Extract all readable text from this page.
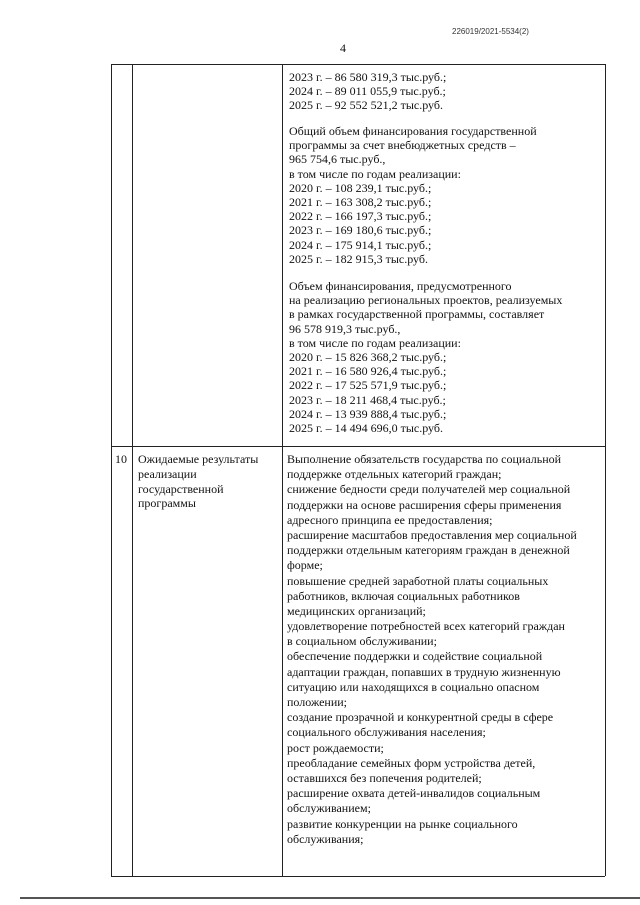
226019/2021-5534(2)
4
2023 г. – 86 580 319,3 тыс.руб.;
2024 г. – 89 011 055,9 тыс.руб.;
2025 г. – 92 552 521,2 тыс.руб.
Общий объем финансирования государственной
программы за счет внебюджетных средств –
965 754,6 тыс.руб.,
в том числе по годам реализации:
2020 г. – 108 239,1 тыс.руб.;
2021 г. – 163 308,2 тыс.руб.;
2022 г. – 166 197,3 тыс.руб.;
2023 г. – 169 180,6 тыс.руб.;
2024 г. – 175 914,1 тыс.руб.;
2025 г. – 182 915,3 тыс.руб.
Объем финансирования, предусмотренного
на реализацию региональных проектов, реализуемых
в рамках государственной программы, составляет
96 578 919,3 тыс.руб.,
в том числе по годам реализации:
2020 г. – 15 826 368,2 тыс.руб.;
2021 г. – 16 580 926,4 тыс.руб.;
2022 г. – 17 525 571,9 тыс.руб.;
2023 г. – 18 211 468,4 тыс.руб.;
2024 г. – 13 939 888,4 тыс.руб.;
2025 г. – 14 494 696,0 тыс.руб.
10 Ожидаемые результаты
реализации
государственной
программы
Выполнение обязательств государства по социальной
поддержке отдельных категорий граждан;
снижение бедности среди получателей мер социальной
поддержки на основе расширения сферы применения
адресного принципа ее предоставления;
расширение масштабов предоставления мер социальной
поддержки отдельным категориям граждан в денежной
форме;
повышение средней заработной платы социальных
работников, включая социальных работников
медицинских организаций;
удовлетворение потребностей всех категорий граждан
в социальном обслуживании;
обеспечение поддержки и содействие социальной
адаптации граждан, попавших в трудную жизненную
ситуацию или находящихся в социально опасном
положении;
создание прозрачной и конкурентной среды в сфере
социального обслуживания населения;
рост рождаемости;
преобладание семейных форм устройства детей,
оставшихся без попечения родителей;
расширение охвата детей-инвалидов социальным
обслуживанием;
развитие конкуренции на рынке социального
обслуживания;
